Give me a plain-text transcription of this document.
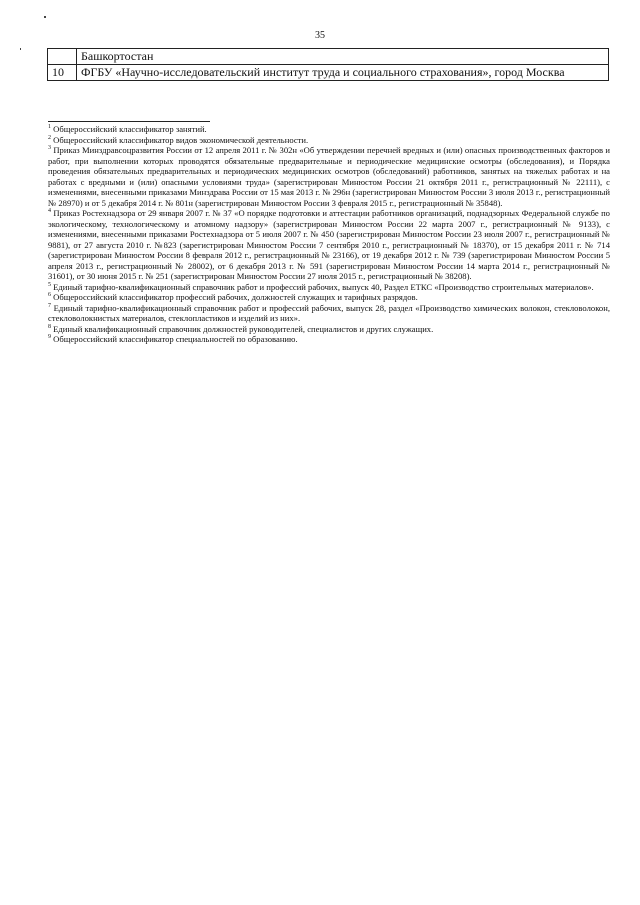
35
	Башкортостан
10	ФГБУ «Научно-исследовательский институт труда и социального страхования», город Москва

$^1$ Общероссийский классификатор занятий.

$^2$ Общероссийский классификатор видов экономической деятельности.

$^3$ Приказ Минздравсоцразвития России от 12 апреля 2011 г. № 302н «Об утверждении перечней вредных и (или) опасных производственных факторов и работ, при выполнении которых проводятся обязательные предварительные и периодические медицинские осмотры (обследования), и Порядка проведения обязательных предварительных и периодических медицинских осмотров (обследований) работников, занятых на тяжелых работах и на работах с вредными и (или) опасными условиями труда» (зарегистрирован Минюстом России 21 октября 2011 г., регистрационный № 22111), с изменениями, внесенными приказами Минздрава России от 15 мая 2013 г. № 296н (зарегистрирован Минюстом России 3 июля 2013 г., регистрационный № 28970) и от 5 декабря 2014 г. № 801н (зарегистрирован Минюстом России 3 февраля 2015 г., регистрационный № 35848).

$^4$ Приказ Ростехнадзора от 29 января 2007 г. № 37 «О порядке подготовки и аттестации работников организаций, поднадзорных Федеральной службе по экологическому, технологическому и атомному надзору» (зарегистрирован Минюстом России 22 марта 2007 г., регистрационный № 9133), с изменениями, внесенными приказами Ростехнадзора от 5 июля 2007 г. № 450 (зарегистрирован Минюстом России 23 июля 2007 г., регистрационный № 9881), от 27 августа 2010 г. №823 (зарегистрирован Минюстом России 7 сентября 2010 г., регистрационный № 18370), от 15 декабря 2011 г. № 714 (зарегистрирован Минюстом России 8 февраля 2012 г., регистрационный № 23166), от 19 декабря 2012 г. № 739 (зарегистрирован Минюстом России 5 апреля 2013 г., регистрационный № 28002), от 6 декабря 2013 г. № 591 (зарегистрирован Минюстом России 14 марта 2014 г., регистрационный № 31601), от 30 июня 2015 г. № 251 (зарегистрирован Минюстом России 27 июля 2015 г., регистрационный № 38208).

$^5$ Единый тарифно-квалификационный справочник работ и профессий рабочих, выпуск 40, Раздел ЕТКС «Производство строительных материалов».

$^6$ Общероссийский классификатор профессий рабочих, должностей служащих и тарифных разрядов.

$^7$ Единый тарифно-квалификационный справочник работ и профессий рабочих, выпуск 28, раздел «Производство химических волокон, стекловолокон, стекловолокнистых материалов, стеклопластиков и изделий из них».

$^8$ Единый квалификационный справочник должностей руководителей, специалистов и других служащих.

$^9$ Общероссийский классификатор специальностей по образованию.
